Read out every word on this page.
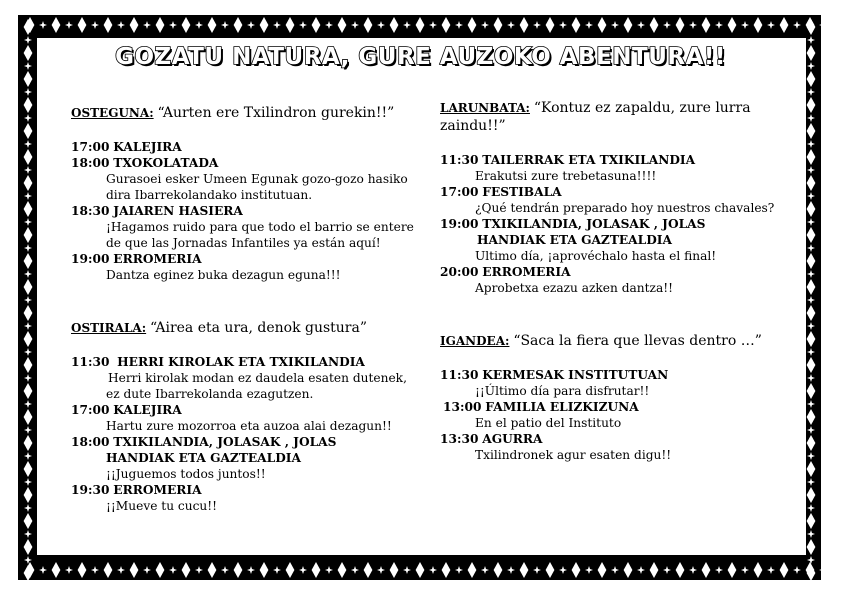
GOZATU NATURA, GURE AUZOKO ABENTURA!!
OSTEGUNA: “Aurten ere Txilindron gurekin!!”
17:00 KALEJIRA
18:00 TXOKOLATADA
Gurasoei esker Umeen Egunak gozo-gozo hasiko
dira Ibarrekolandako institutuan.
18:30 JAIAREN HASIERA
¡Hagamos ruido para que todo el barrio se entere
de que las Jornadas Infantiles ya están aquí!
19:00 ERROMERIA
Dantza eginez buka dezagun eguna!!!
OSTIRALA: “Airea eta ura, denok gustura”
11:30 HERRI KIROLAK ETA TXIKILANDIA
Herri kirolak modan ez daudela esaten dutenek,
ez dute Ibarrekolanda ezagutzen.
17:00 KALEJIRA
Hartu zure mozorroa eta auzoa alai dezagun!!
18:00 TXIKILANDIA, JOLASAK , JOLAS
HANDIAK ETA GAZTEALDIA
¡¡Juguemos todos juntos!!
19:30 ERROMERIA
¡¡Mueve tu cucu!!
LARUNBATA: “Kontuz ez zapaldu, zure lurra
zaindu!!”
11:30 TAILERRAK ETA TXIKILANDIA
Erakutsi zure trebetasuna!!!!
17:00 FESTIBALA
¿Qué tendrán preparado hoy nuestros chavales?
19:00 TXIKILANDIA, JOLASAK , JOLAS
HANDIAK ETA GAZTEALDIA
Ultimo día, ¡aprovéchalo hasta el final!
20:00 ERROMERIA
Aprobetxa ezazu azken dantza!!
IGANDEA: “Saca la fiera que llevas dentro …”
11:30 KERMESAK INSTITUTUAN
¡¡Último día para disfrutar!!
13:00 FAMILIA ELIZKIZUNA
En el patio del Instituto
13:30 AGURRA
Txilindronek agur esaten digu!!
